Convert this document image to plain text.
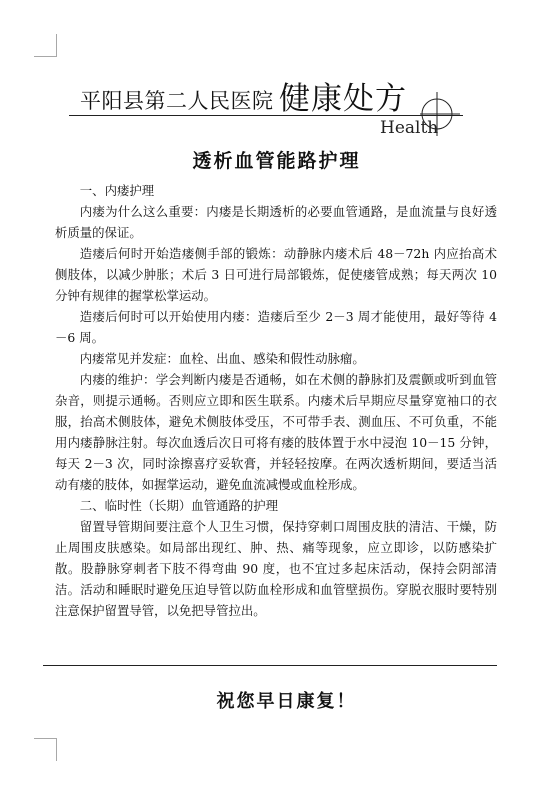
平阳县第二人民医院 健康处方
Health
透析血管能路护理

一、内瘘护理

内瘘为什么这么重要：内瘘是长期透析的必要血管通路，是血流量与良好透析质量的保证。

造瘘后何时开始造瘘侧手部的锻炼：动静脉内瘘术后 48－72h 内应抬高术侧肢体，以减少肿胀；术后 3 日可进行局部锻炼，促使瘘管成熟；每天两次 10 分钟有规律的握掌松掌运动。

造瘘后何时可以开始使用内瘘：造瘘后至少 2－3 周才能使用，最好等待 4－6 周。

内瘘常见并发症：血栓、出血、感染和假性动脉瘤。

内瘘的维护：学会判断内瘘是否通畅，如在术侧的静脉扪及震颤或听到血管杂音，则提示通畅。否则应立即和医生联系。内瘘术后早期应尽量穿宽袖口的衣服，抬高术侧肢体，避免术侧肢体受压，不可带手表、测血压、不可负重，不能用内瘘静脉注射。每次血透后次日可将有瘘的肢体置于水中浸泡 10－15 分钟，每天 2－3 次，同时涂擦喜疗妥软膏，并轻轻按摩。在两次透析期间，要适当活动有瘘的肢体，如握掌运动，避免血流减慢或血栓形成。

二、临时性（长期）血管通路的护理

留置导管期间要注意个人卫生习惯，保持穿刺口周围皮肤的清洁、干燥，防止周围皮肤感染。如局部出现红、肿、热、痛等现象，应立即诊，以防感染扩散。股静脉穿刺者下肢不得弯曲 90 度，也不宜过多起床活动，保持会阴部清洁。活动和睡眠时避免压迫导管以防血栓形成和血管壁损伤。穿脱衣服时要特别注意保护留置导管，以免把导管拉出。

祝您早日康复！
